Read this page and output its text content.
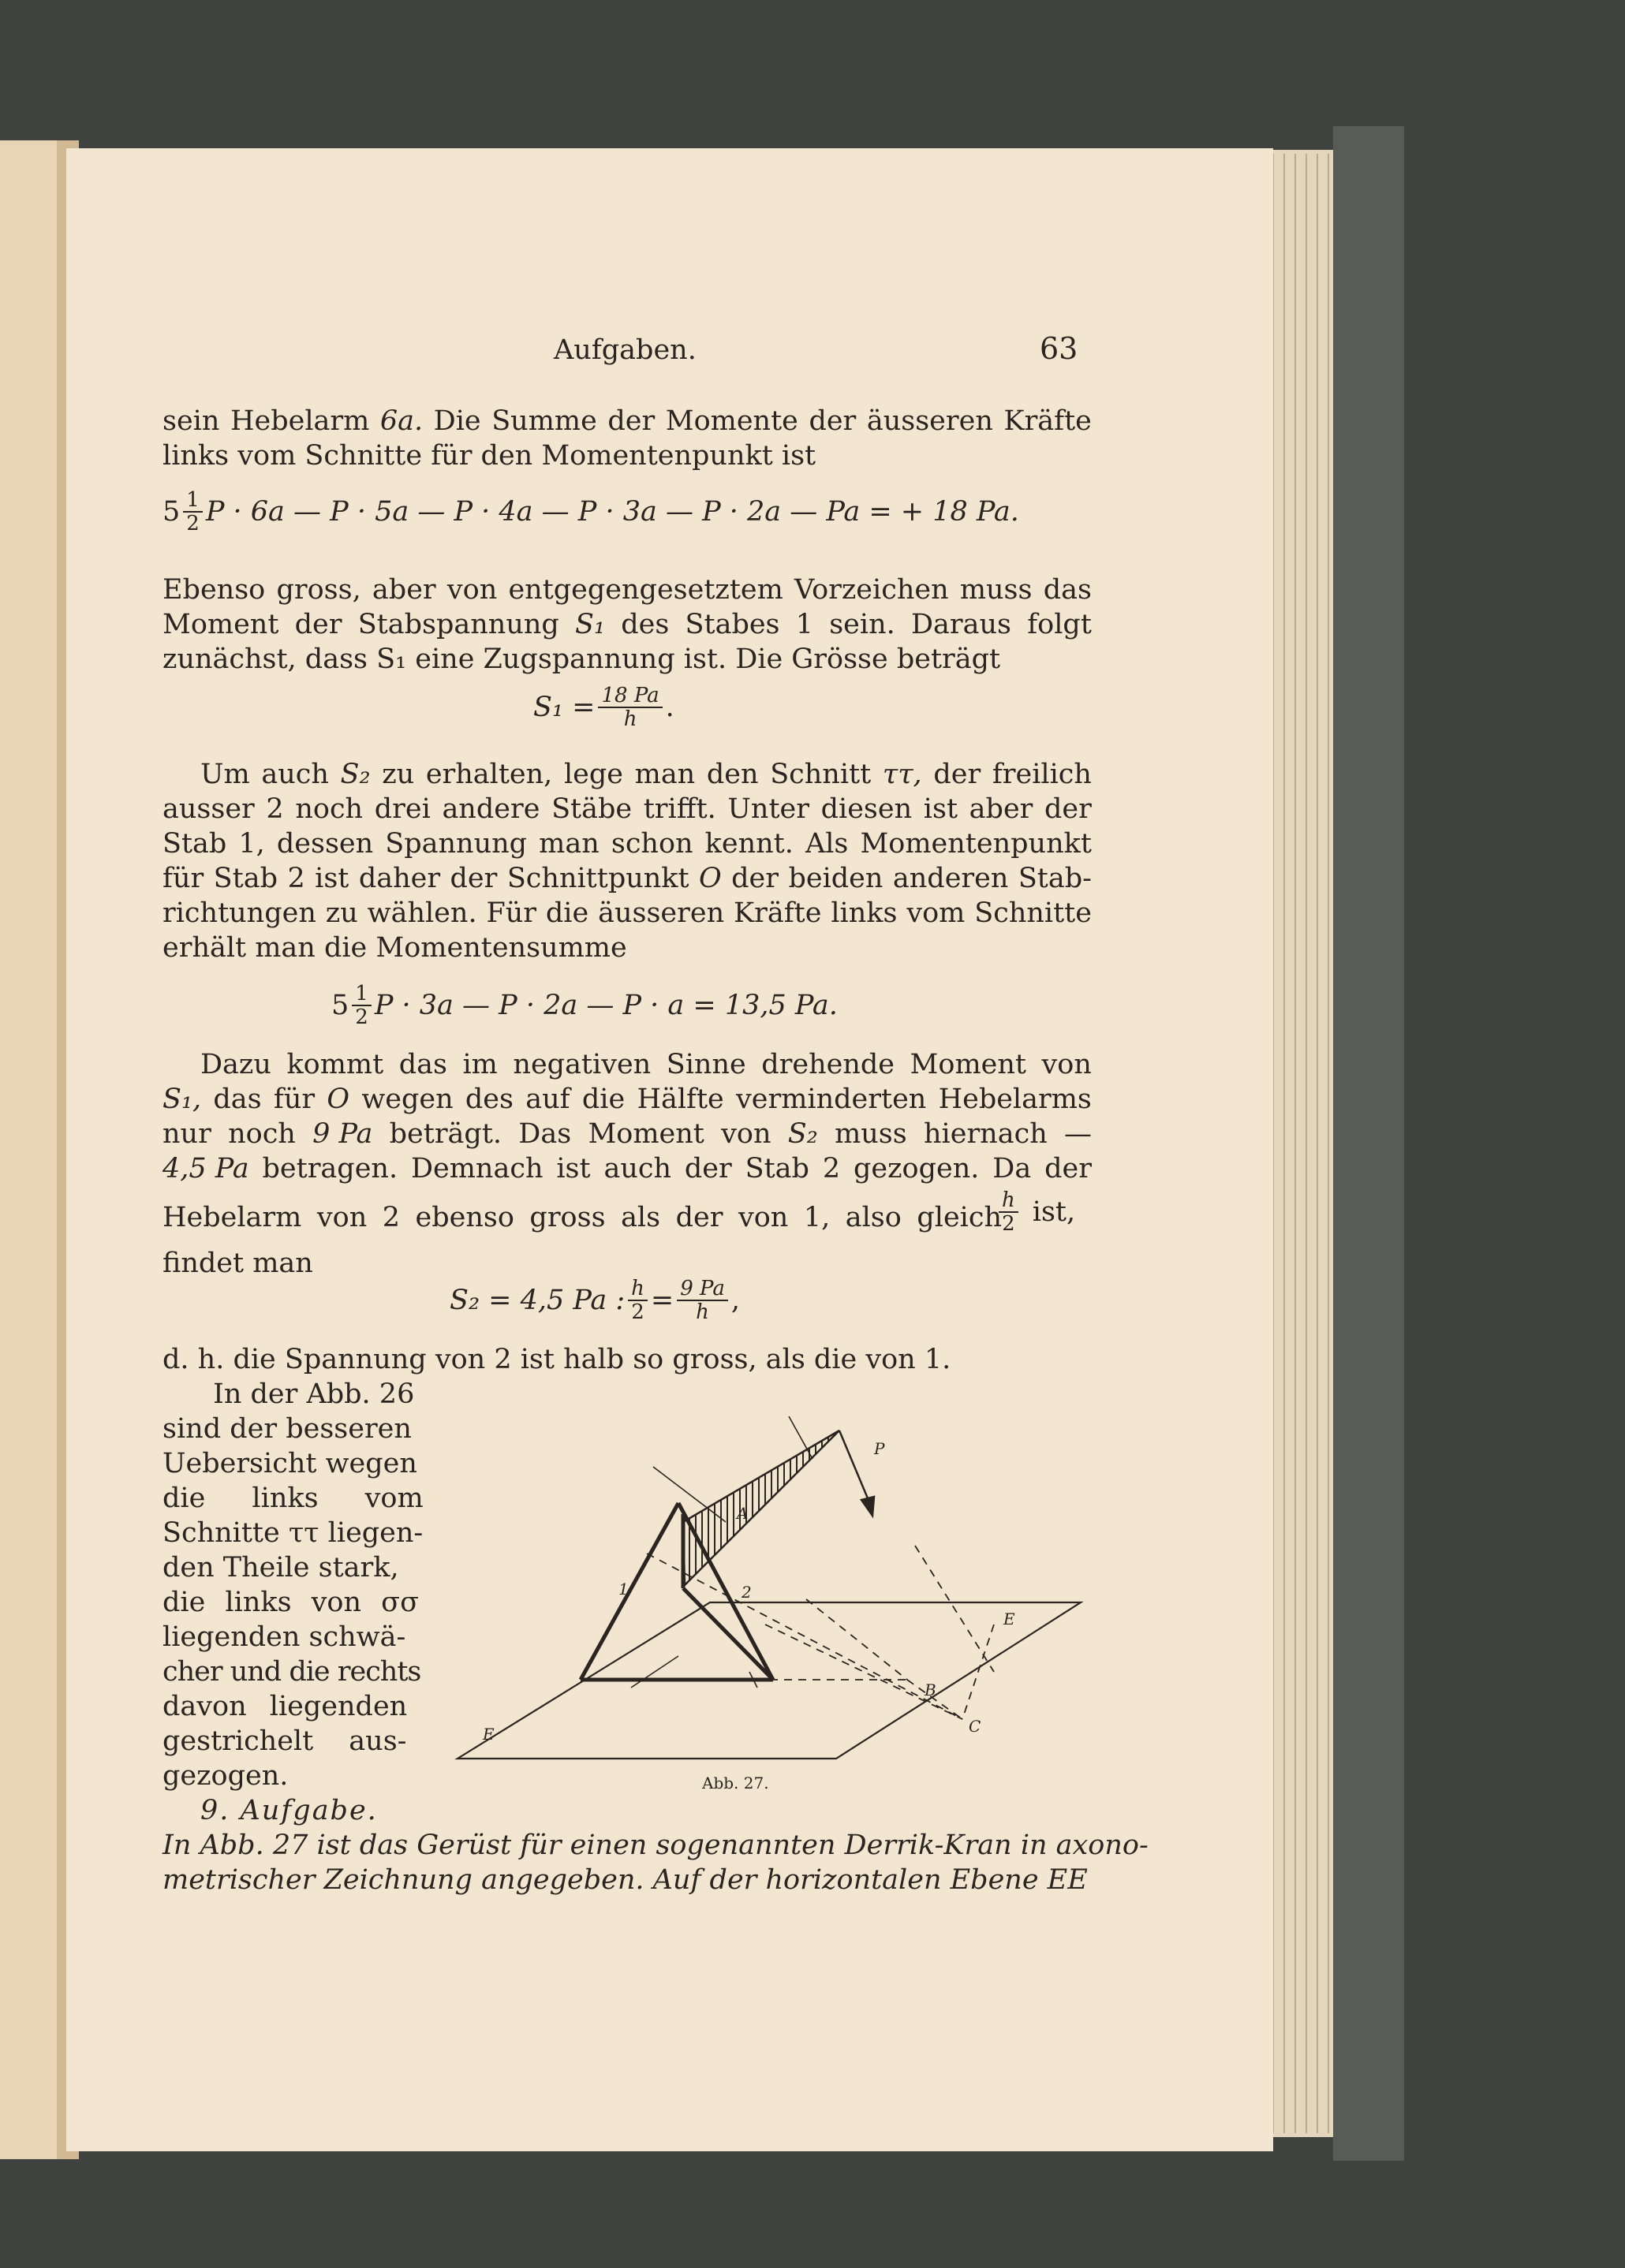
Aufgaben.	63
sein Hebelarm 6a. Die Summe der Momente der äusseren Kräfte
links vom Schnitte für den Momentenpunkt ist
$5 \frac{1}{2}$ P · 6a — P · 5a — P · 4a — P · 3a — P · 2a — Pa = + 18 Pa.
Ebenso gross, aber von entgegengesetztem Vorzeichen muss das
Moment der Stabspannung S₁ des Stabes 1 sein. Daraus folgt
zunächst, dass S₁ eine Zugspannung ist. Die Grösse beträgt
$S_1 = \frac{18 Pa}{h}$ .
Um auch S₂ zu erhalten, lege man den Schnitt ττ, der freilich
ausser 2 noch drei andere Stäbe trifft. Unter diesen ist aber der
Stab 1, dessen Spannung man schon kennt. Als Momentenpunkt
für Stab 2 ist daher der Schnittpunkt O der beiden anderen Stab-
richtungen zu wählen. Für die äusseren Kräfte links vom Schnitte
erhält man die Momentensumme
$5 \frac{1}{2}$ P · 3a — P · 2a — P · a = 13,5 Pa.
Dazu kommt das im negativen Sinne drehende Moment von
S₁, das für O wegen des auf die Hälfte verminderten Hebelarms
nur noch 9 Pa beträgt. Das Moment von S₂ muss hiernach —
4,5 Pa betragen. Demnach ist auch der Stab 2 gezogen. Da der
Hebelarm von 2 ebenso gross als der von 1, also gleich
$\frac{h}{2}$ ist,
findet man
S₂ = 4,5 Pa : $\frac{h}{2} = \frac{9 Pa}{h}$ ,
d. h. die Spannung von 2 ist halb so gross, als die von 1.
In der Abb. 26
sind der besseren
Uebersicht wegen
die links vom
Schnitte ττ liegen-
den Theile stark,
die links von σσ
liegenden schwä-
cher und die rechts
davon liegenden
gestrichelt aus-
gezogen.
P
A
B
C
E
E
1	2
Abb. 27.
9. Aufgabe.
In Abb. 27 ist das Gerüst für einen sogenannten Derrik-Kran in axono-
metrischer Zeichnung angegeben. Auf der horizontalen Ebene EE
